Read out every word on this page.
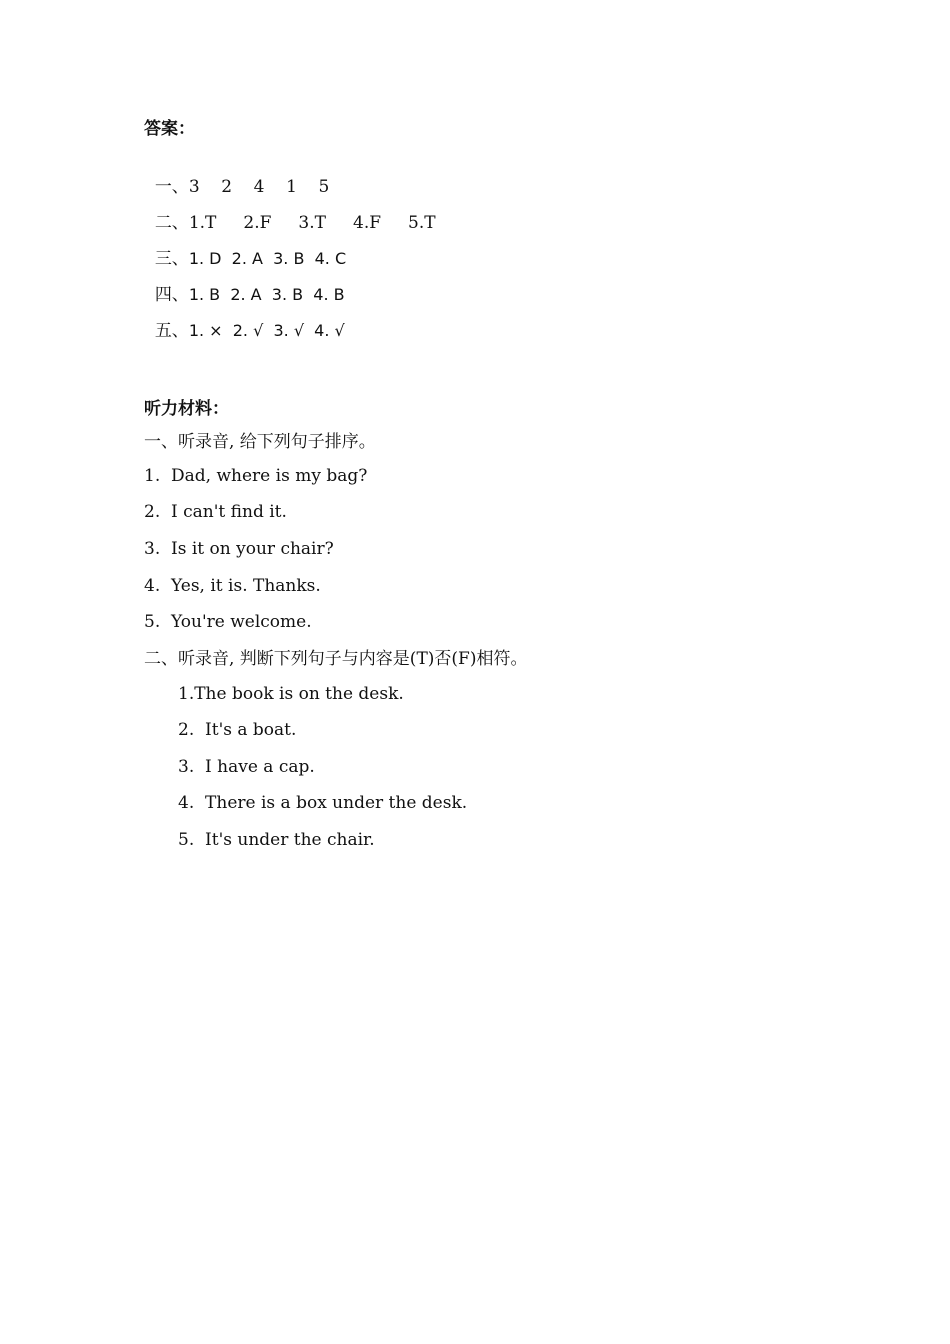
答案：

一、3    2    4    1    5

二、1.T     2.F     3.T     4.F     5.T

三、1. D  2. A  3. B  4. C

四、1. B  2. A  3. B  4. B

五、1. ×  2. √  3. √  4. √

听力材料：
一、听录音, 给下列句子排序。
1.  Dad, where is my bag?
2.  I can't find it.
3.  Is it on your chair?
4.  Yes, it is. Thanks.
5.  You're welcome.
二、听录音, 判断下列句子与内容是(T)否(F)相符。
1.The book is on the desk.
2.  It's a boat.
3.  I have a cap.
4.  There is a box under the desk.
5.  It's under the chair.
